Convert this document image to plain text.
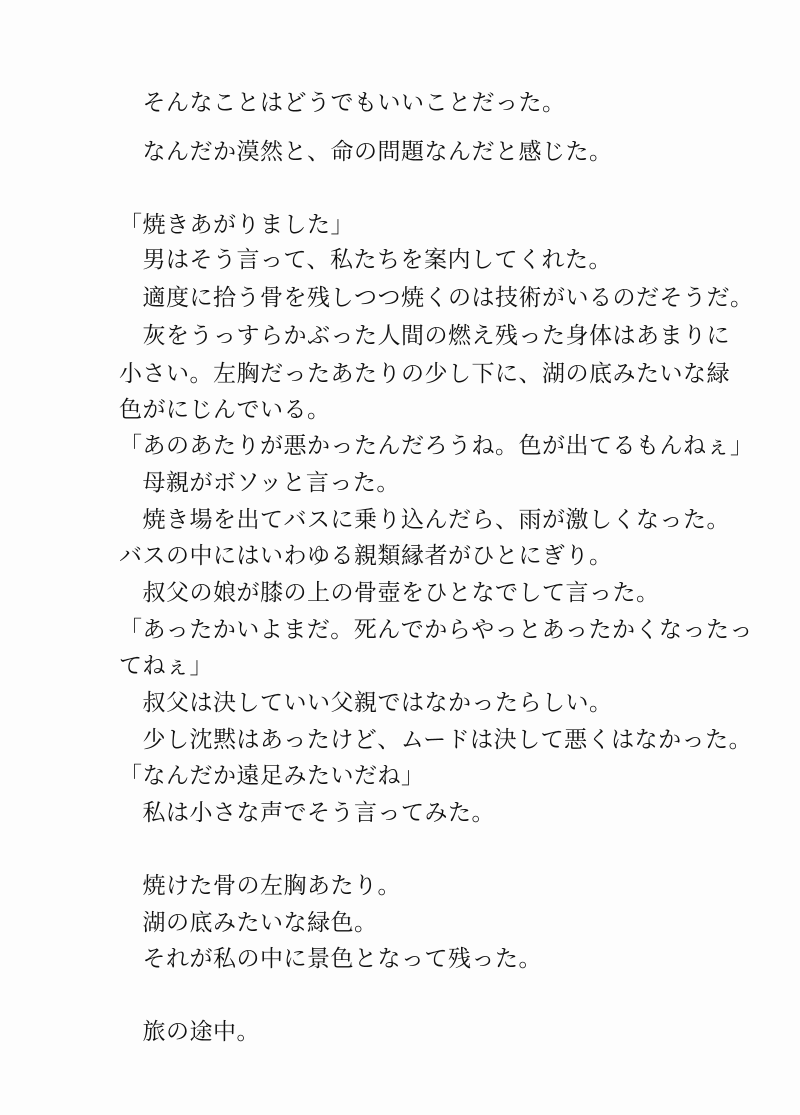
　そんなことはどうでもいいことだった。
　なんだか漠然と、命の問題なんだと感じた。
「焼きあがりました」
　男はそう言って、私たちを案内してくれた。
　適度に拾う骨を残しつつ焼くのは技術がいるのだそうだ。
　灰をうっすらかぶった人間の燃え残った身体はあまりに
小さい。左胸だったあたりの少し下に、湖の底みたいな緑
色がにじんでいる。
「あのあたりが悪かったんだろうね。色が出てるもんねぇ」
　母親がボソッと言った。
　焼き場を出てバスに乗り込んだら、雨が激しくなった。
バスの中にはいわゆる親類縁者がひとにぎり。
　叔父の娘が膝の上の骨壺をひとなでして言った。
「あったかいよまだ。死んでからやっとあったかくなったっ
てねぇ」
　叔父は決していい父親ではなかったらしい。
　少し沈黙はあったけど、ムードは決して悪くはなかった。
「なんだか遠足みたいだね」
　私は小さな声でそう言ってみた。
　焼けた骨の左胸あたり。
　湖の底みたいな緑色。
　それが私の中に景色となって残った。
　旅の途中。
